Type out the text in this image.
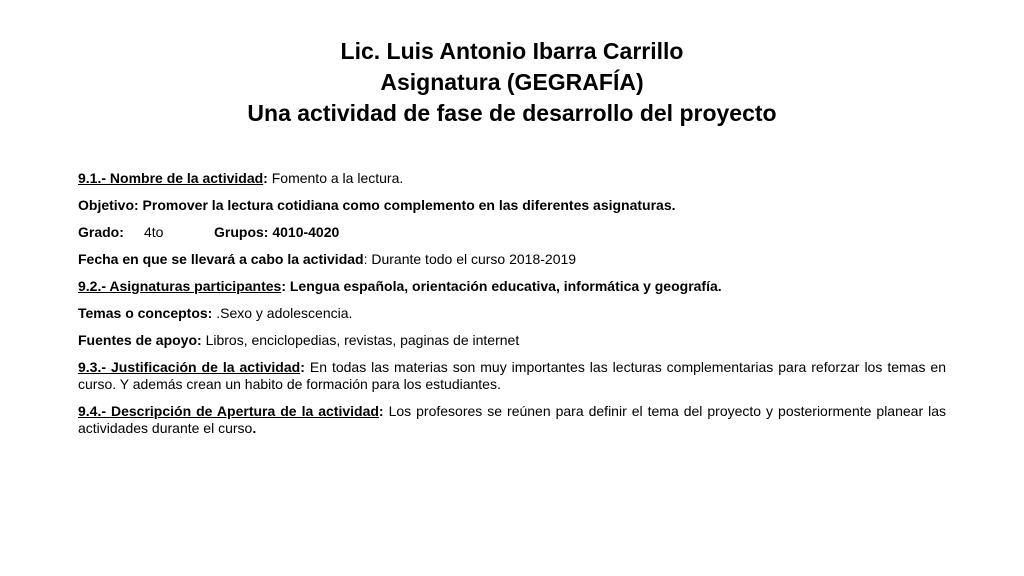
Lic. Luis Antonio Ibarra Carrillo
Asignatura (GEGRAFÍA)
Una actividad de fase de desarrollo del proyecto

9.1.- Nombre de la actividad: Fomento a la lectura.

Objetivo: Promover la lectura cotidiana como complemento en las diferentes asignaturas.

Grado: 4to	Grupos: 4010-4020

Fecha en que se llevará a cabo la actividad: Durante todo el curso 2018-2019

9.2.- Asignaturas participantes: Lengua española, orientación educativa, informática y geografía.

Temas o conceptos: .Sexo y adolescencia.

Fuentes de apoyo: Libros, enciclopedias, revistas, paginas de internet

9.3.- Justificación de la actividad: En todas las materias son muy importantes las lecturas complementarias para reforzar los temas en curso. Y además crean un habito de formación para los estudiantes.

9.4.- Descripción de Apertura de la actividad: Los profesores se reúnen para definir el tema del proyecto y posteriormente planear las actividades durante el curso.
